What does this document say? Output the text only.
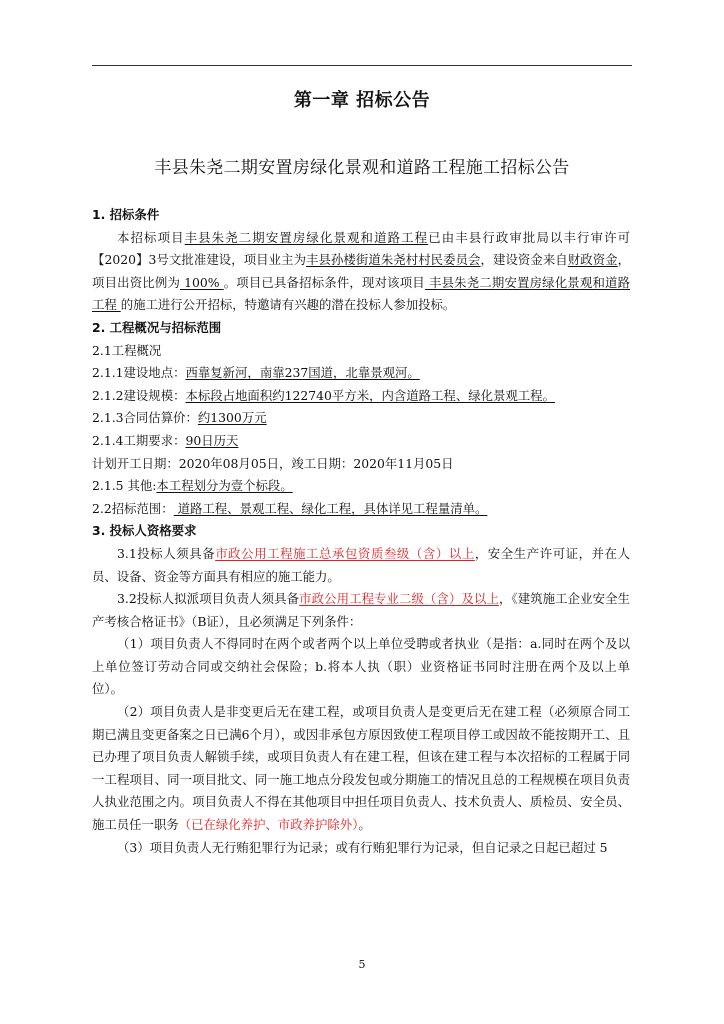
第一章 招标公告
丰县朱尧二期安置房绿化景观和道路工程施工招标公告

1. 招标条件

本招标项目丰县朱尧二期安置房绿化景观和道路工程已由丰县行政审批局以丰行审许可【2020】3号文批准建设，项目业主为丰县孙楼街道朱尧村村民委员会，建设资金来自财政资金，项目出资比例为 100% 。项目已具备招标条件，现对该项目 丰县朱尧二期安置房绿化景观和道路工程 的施工进行公开招标，特邀请有兴趣的潜在投标人参加投标。

2. 工程概况与招标范围

2.1工程概况

2.1.1建设地点：西靠复新河，南靠237国道，北靠景观河。

2.1.2建设规模：本标段占地面积约122740平方米，内含道路工程、绿化景观工程。

2.1.3合同估算价：约1300万元

2.1.4工期要求：90日历天

计划开工日期：2020年08月05日，竣工日期：2020年11月05日

2.1.5 其他:本工程划分为壹个标段。

2.2招标范围： 道路工程、景观工程、绿化工程，具体详见工程量清单。

3. 投标人资格要求

3.1投标人须具备市政公用工程施工总承包资质叁级（含）以上，安全生产许可证，并在人员、设备、资金等方面具有相应的施工能力。

3.2投标人拟派项目负责人须具备市政公用工程专业二级（含）及以上，《建筑施工企业安全生产考核合格证书》（B证），且必须满足下列条件：

（1）项目负责人不得同时在两个或者两个以上单位受聘或者执业（是指：a.同时在两个及以上单位签订劳动合同或交纳社会保险；b.将本人执（职）业资格证书同时注册在两个及以上单位）。

（2）项目负责人是非变更后无在建工程，或项目负责人是变更后无在建工程（必须原合同工期已满且变更备案之日已满6个月），或因非承包方原因致使工程项目停工或因故不能按期开工、且已办理了项目负责人解锁手续，或项目负责人有在建工程，但该在建工程与本次招标的工程属于同一工程项目、同一项目批文、同一施工地点分段发包或分期施工的情况且总的工程规模在项目负责人执业范围之内。项目负责人不得在其他项目中担任项目负责人、技术负责人、质检员、安全员、施工员任一职务（已在绿化养护、市政养护除外）。

（3）项目负责人无行贿犯罪行为记录；或有行贿犯罪行为记录，但自记录之日起已超过 5

5
